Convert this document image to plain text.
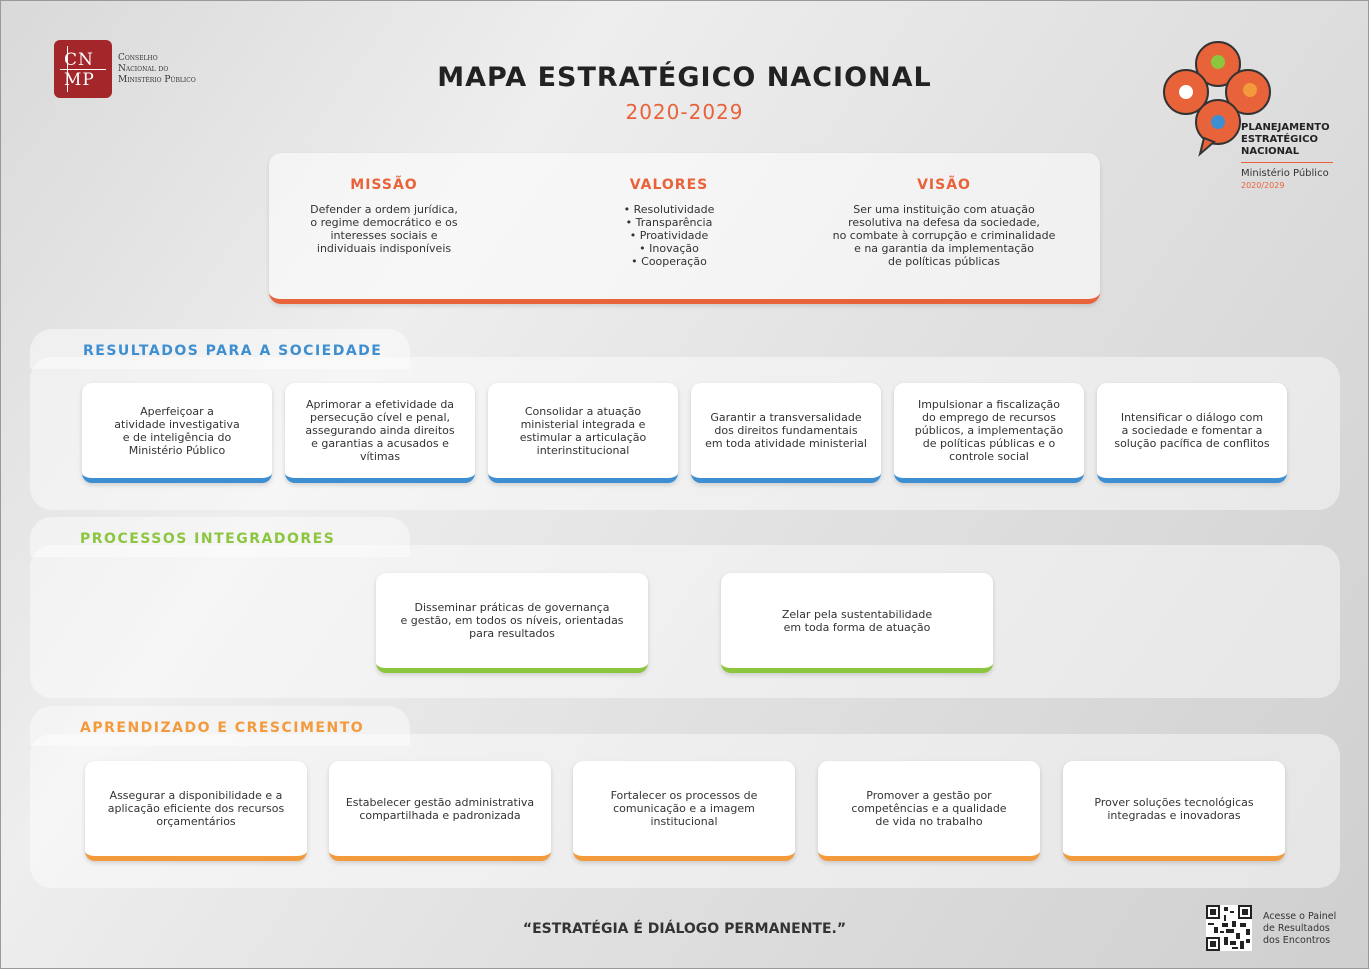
CN
MP
Conselho
Nacional do
Ministério Público	MAPA ESTRATÉGICO NACIONAL
2020-2029
PLANEJAMENTO
ESTRATÉGICO
NACIONAL
Ministério Público
2020/2029
MISSÃO
Defender a ordem jurídica,
o regime democrático e os
interesses sociais e
individuais indisponíveis
VALORES
• Resolutividade
• Transparência
• Proatividade
• Inovação
• Cooperação
VISÃO
Ser uma instituição com atuação
resolutiva na defesa da sociedade,
no combate à corrupção e criminalidade
e na garantia da implementação
de políticas públicas
RESULTADOS PARA A SOCIEDADE
Aperfeiçoar a
atividade investigativa
e de inteligência do
Ministério Público
Aprimorar a efetividade da
persecução cível e penal,
assegurando ainda direitos
e garantias a acusados e
vítimas
Consolidar a atuação
ministerial integrada e
estimular a articulação
interinstitucional
Garantir a transversalidade
dos direitos fundamentais
em toda atividade ministerial
Impulsionar a fiscalização
do emprego de recursos
públicos, a implementação
de políticas públicas e o
controle social
Intensificar o diálogo com
a sociedade e fomentar a
solução pacífica de conflitos
PROCESSOS INTEGRADORES
Disseminar práticas de governança
e gestão, em todos os níveis, orientadas
para resultados
Zelar pela sustentabilidade
em toda forma de atuação
APRENDIZADO E CRESCIMENTO
Assegurar a disponibilidade e a
aplicação eficiente dos recursos
orçamentários
Estabelecer gestão administrativa
compartilhada e padronizada
Fortalecer os processos de
comunicação e a imagem
institucional
Promover a gestão por
competências e a qualidade
de vida no trabalho
Prover soluções tecnológicas
integradas e inovadoras
“ESTRATÉGIA É DIÁLOGO PERMANENTE.”
Acesse o Painel
de Resultados
dos Encontros
